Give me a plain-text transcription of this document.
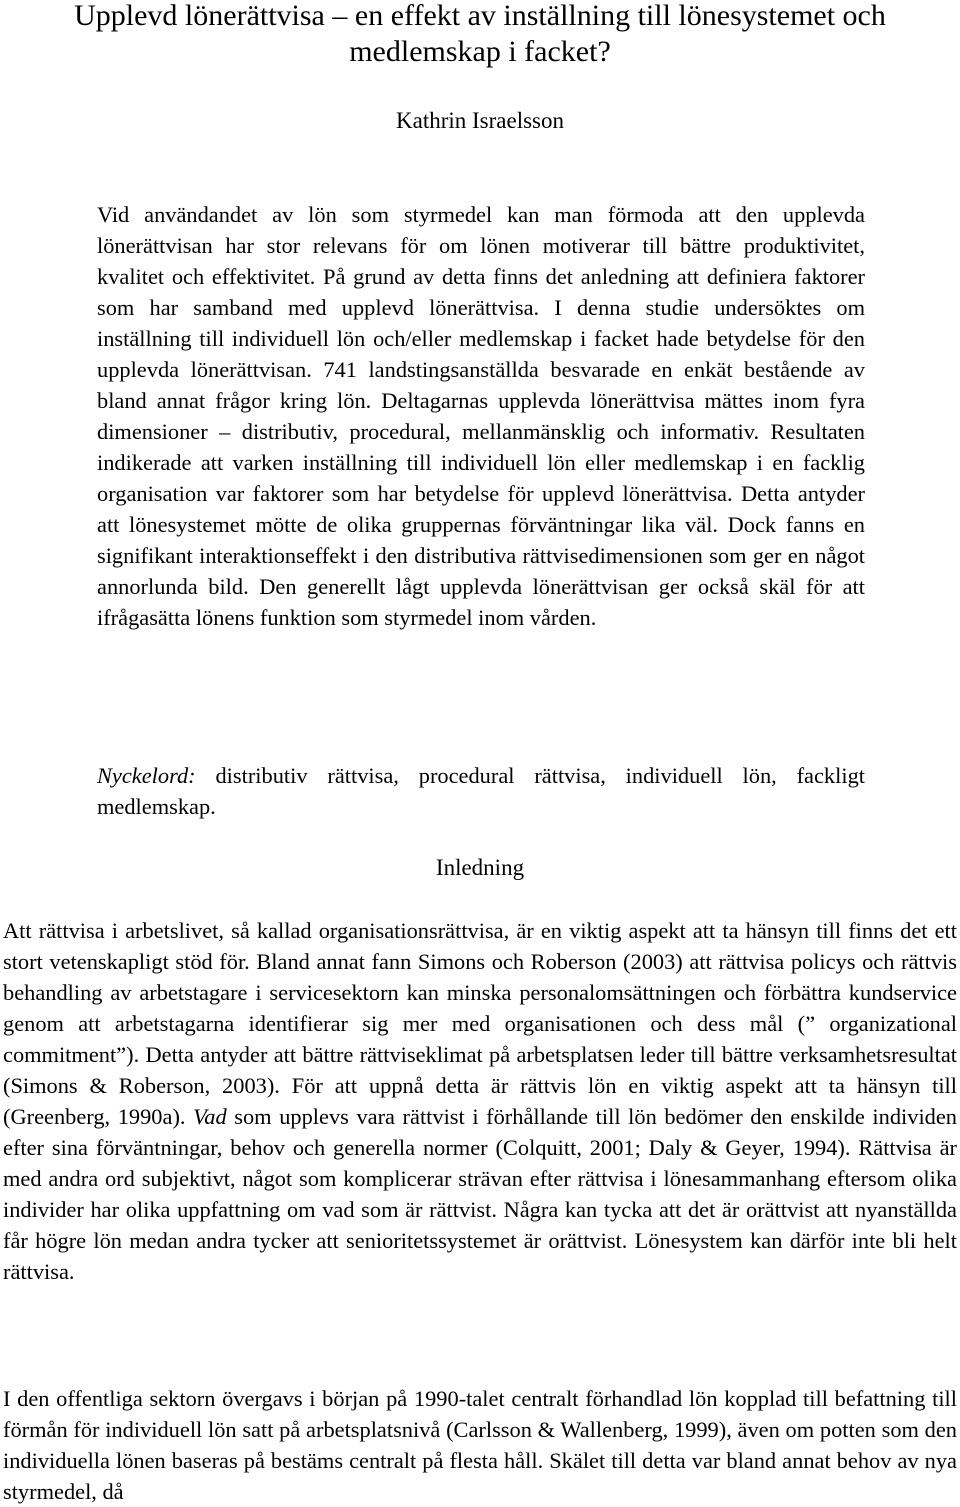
Upplevd lönerättvisa – en effekt av inställning till lönesystemet och medlemskap i facket?

Kathrin Israelsson

Vid användandet av lön som styrmedel kan man förmoda att den upplevda lönerättvisan har stor relevans för om lönen motiverar till bättre produktivitet, kvalitet och effektivitet. På grund av detta finns det anledning att definiera faktorer som har samband med upplevd lönerättvisa. I denna studie undersöktes om inställning till individuell lön och/eller medlemskap i facket hade betydelse för den upplevda lönerättvisan. 741 landstingsanställda besvarade en enkät bestående av bland annat frågor kring lön. Deltagarnas upplevda lönerättvisa mättes inom fyra dimensioner – distributiv, procedural, mellanmänsklig och informativ. Resultaten indikerade att varken inställning till individuell lön eller medlemskap i en facklig organisation var faktorer som har betydelse för upplevd lönerättvisa. Detta antyder att lönesystemet mötte de olika gruppernas förväntningar lika väl. Dock fanns en signifikant interaktionseffekt i den distributiva rättvisedimensionen som ger en något annorlunda bild. Den generellt lågt upplevda lönerättvisan ger också skäl för att ifrågasätta lönens funktion som styrmedel inom vården.

Nyckelord: distributiv rättvisa, procedural rättvisa, individuell lön, fackligt medlemskap.

Inledning

Att rättvisa i arbetslivet, så kallad organisationsrättvisa, är en viktig aspekt att ta hänsyn till finns det ett stort vetenskapligt stöd för. Bland annat fann Simons och Roberson (2003) att rättvisa policys och rättvis behandling av arbetstagare i servicesektorn kan minska personalomsättningen och förbättra kundservice genom att arbetstagarna identifierar sig mer med organisationen och dess mål (” organizational commitment”). Detta antyder att bättre rättviseklimat på arbetsplatsen leder till bättre verksamhetsresultat (Simons & Roberson, 2003). För att uppnå detta är rättvis lön en viktig aspekt att ta hänsyn till (Greenberg, 1990a). Vad som upplevs vara rättvist i förhållande till lön bedömer den enskilde individen efter sina förväntningar, behov och generella normer (Colquitt, 2001; Daly & Geyer, 1994). Rättvisa är med andra ord subjektivt, något som komplicerar strävan efter rättvisa i lönesammanhang eftersom olika individer har olika uppfattning om vad som är rättvist. Några kan tycka att det är orättvist att nyanställda får högre lön medan andra tycker att senioritetssystemet är orättvist. Lönesystem kan därför inte bli helt rättvisa.

I den offentliga sektorn övergavs i början på 1990-talet centralt förhandlad lön kopplad till befattning till förmån för individuell lön satt på arbetsplatsnivå (Carlsson & Wallenberg, 1999), även om potten som den individuella lönen baseras på bestäms centralt på flesta håll. Skälet till detta var bland annat behov av nya styrmedel, då
